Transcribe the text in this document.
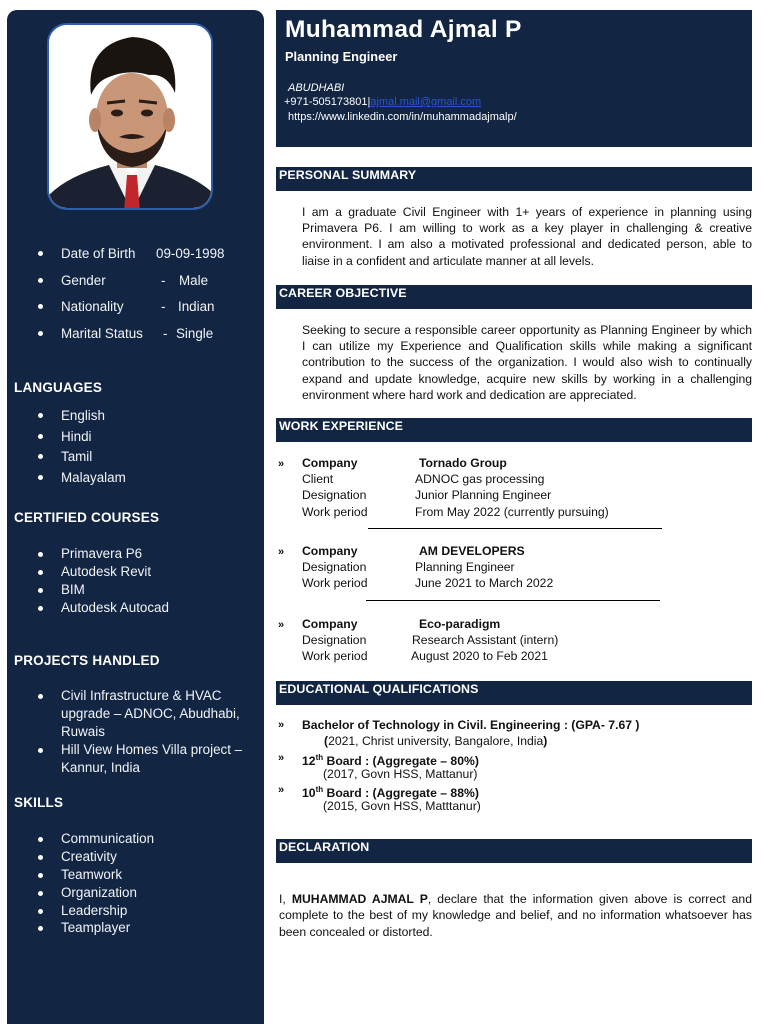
Date of Birth 09-09-1998
Gender	- Male
Nationality	- Indian
Marital Status - Single
LANGUAGES
English
Hindi
Tamil
Malayalam
CERTIFIED COURSES
Primavera P6
Autodesk Revit
BIM
Autodesk Autocad
PROJECTS HANDLED
Civil Infrastructure & HVAC upgrade – ADNOC, Abudhabi, Ruwais
Hill View Homes Villa project – Kannur, India
SKILLS
Communication
Creativity
Teamwork
Organization
Leadership
Teamplayer
Muhammad Ajmal P
Planning Engineer
ABUDHABI
+971-505173801|ajmal.mail@gmail.com
https://www.linkedin.com/in/muhammadajmalp/
PERSONAL SUMMARY
I am a graduate Civil Engineer with 1+ years of experience in planning using Primavera P6. I am willing to work as a key player in challenging & creative environment. I am also a motivated professional and dedicated person, able to liaise in a confident and articulate manner at all levels.
CAREER OBJECTIVE
Seeking to secure a responsible career opportunity as Planning Engineer by which I can utilize my Experience and Qualification skills while making a significant contribution to the success of the organization. I would also wish to continually expand and update knowledge, acquire new skills by working in a challenging environment where hard work and dedication are appreciated.
WORK EXPERIENCE
» Company	Tornado Group
Client	ADNOC gas processing
Designation	Junior Planning Engineer
Work period	From May 2022 (currently pursuing)
» Company	AM DEVELOPERS
Designation	Planning Engineer
Work period	June 2021 to March 2022
» Company	Eco-paradigm
Designation	Research Assistant (intern)
Work period	August 2020 to Feb 2021
EDUCATIONAL QUALIFICATIONS
» Bachelor of Technology in Civil. Engineering : (GPA- 7.67 )
(2021, Christ university, Bangalore, India)
» 12th Board : (Aggregate – 80%)
(2017, Govn HSS, Mattanur)
» 10th Board : (Aggregate – 88%)
(2015, Govn HSS, Matttanur)
DECLARATION
I, MUHAMMAD AJMAL P, declare that the information given above is correct and complete to the best of my knowledge and belief, and no information whatsoever has been concealed or distorted.
